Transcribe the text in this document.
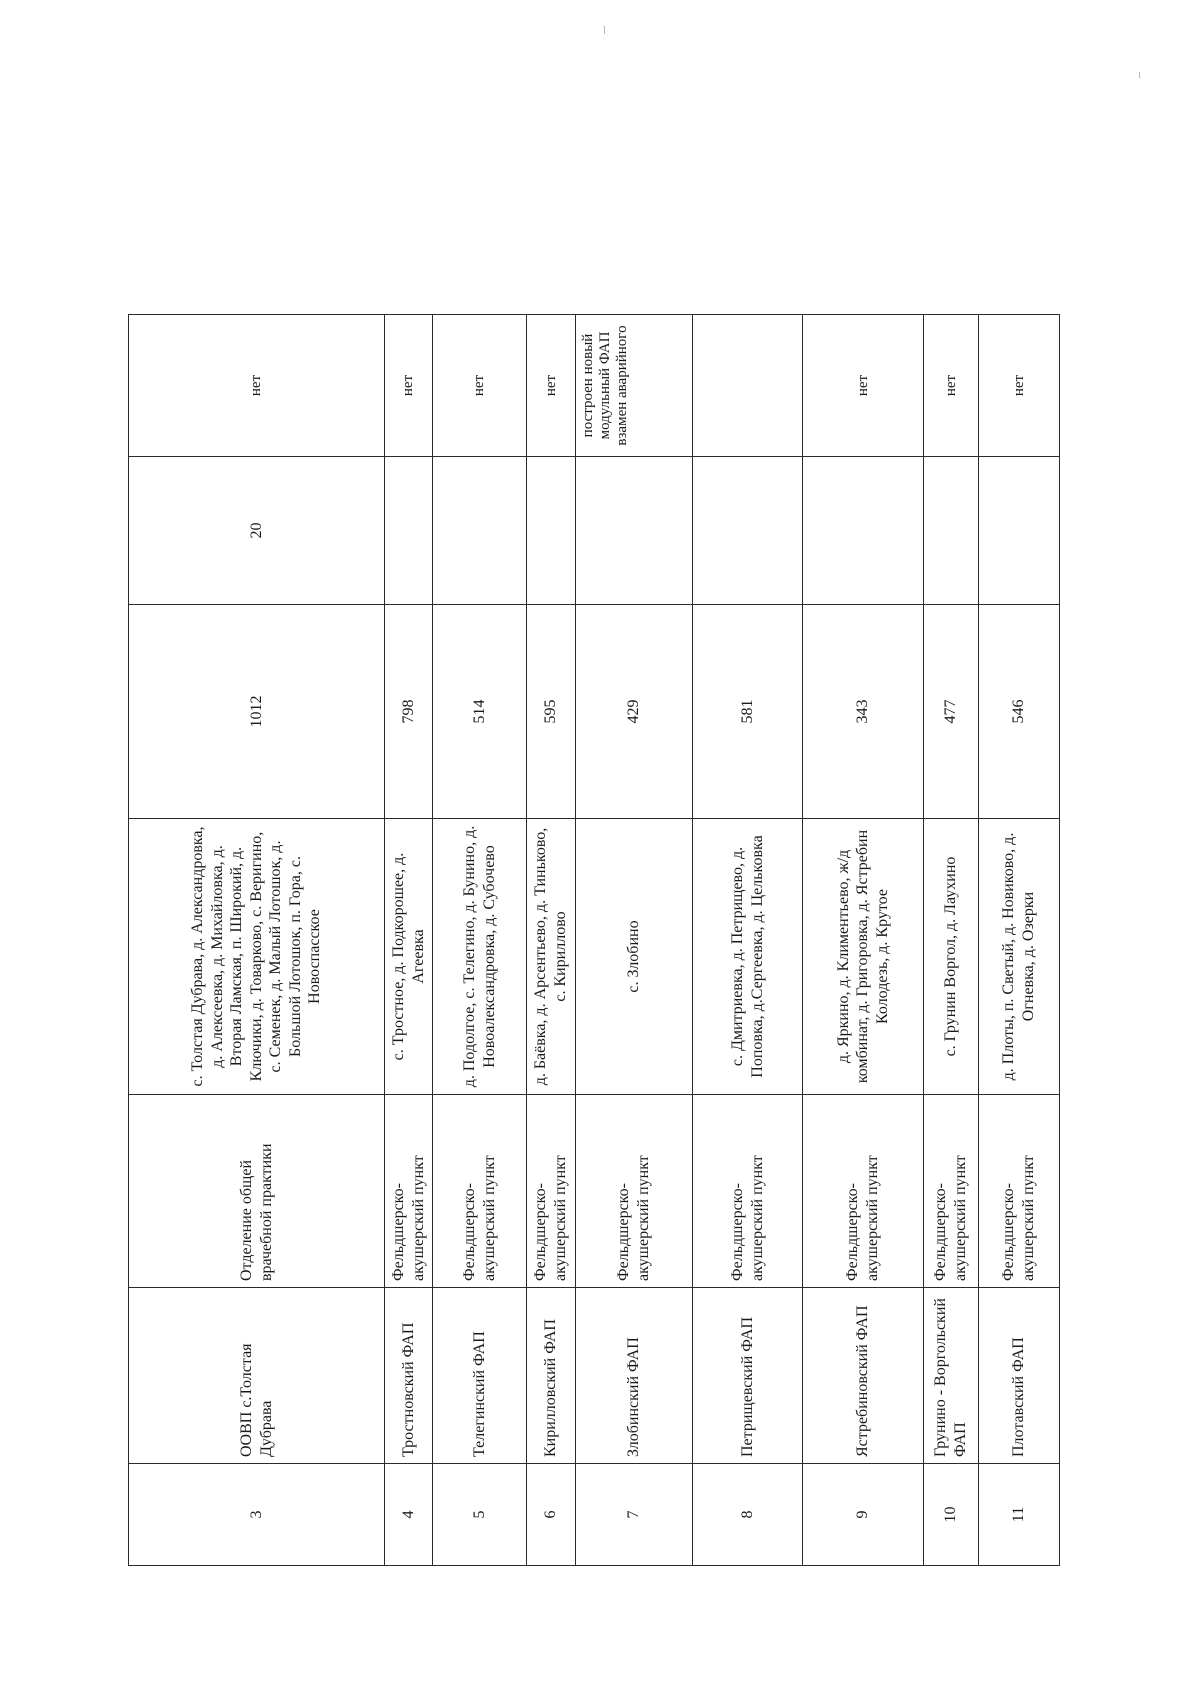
3	ООВП с.Толстая Дубрава	Отделение общей врачебной практики	с. Толстая Дубрава, д. Александровка, д. Алексеевка, д. Михайловка, д. Вторая Ламская, п. Широкий, д. Ключики, д. Товарково, с. Веригино, с. Семенек, д. Малый Лотошок, д. Большой Лотошок, п. Гора, с. Новоспасское	1012	20	нет
4	Тростновский ФАП	Фельдшерско-акушерский пункт	с. Тростное, д. Подкорошее, д. Агеевка	798		нет
5	Телегинский ФАП	Фельдшерско-акушерский пункт	д. Подолгое, с. Телегино, д. Бунино, д. Новоалександровка, д. Субочево	514		нет
6	Кирилловский ФАП	Фельдшерско-акушерский пункт	д. Баёвка, д. Арсентьево, д. Тиньково, с. Кириллово	595		нет
7	Злобинский ФАП	Фельдшерско-акушерский пункт	с. Злобино	429		построен новый модульный ФАП взамен аварийного
8	Петрищевский ФАП	Фельдшерско-акушерский пункт	с. Дмитриевка, д. Петрищево, д. Поповка, д.Сергеевка, д. Цельковка	581		
9	Ястребиновский ФАП	Фельдшерско-акушерский пункт	д. Яркино, д. Климентьево, ж/д комбинат, д. Григоровка, д. Ястребин Колодезь, д. Крутое	343		нет
10	Грунино - Воргольский ФАП	Фельдшерско-акушерский пункт	с. Грунин Воргол, д. Лаухино	477		нет
11	Плотавский ФАП	Фельдшерско-акушерский пункт	д. Плоты, п. Светый, д. Новиково, д. Огневка, д. Озерки	546		нет
